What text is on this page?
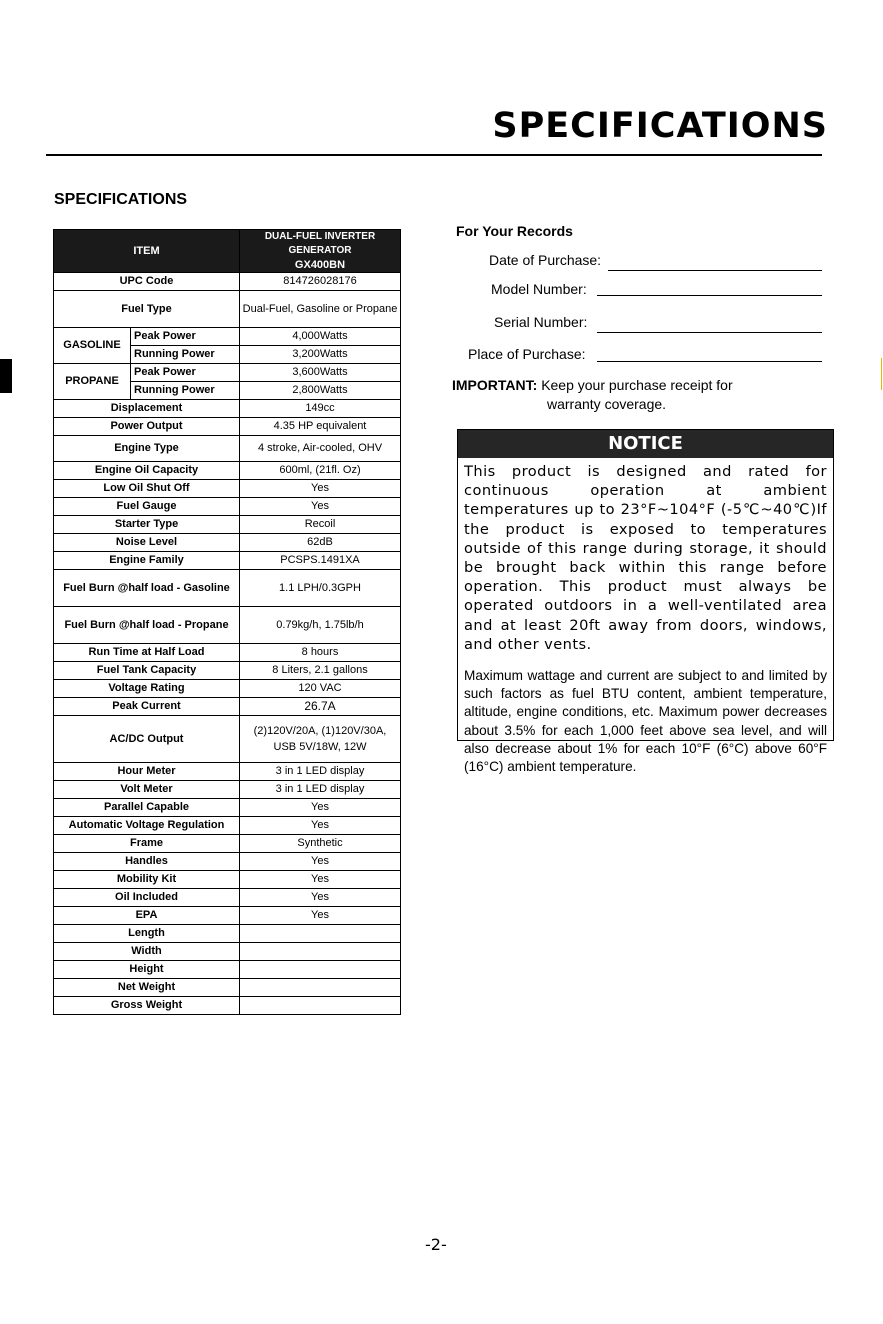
SPECIFICATIONS
SPECIFICATIONS
ITEM		DUAL-FUEL INVERTER GENERATOR
GX400BN

UPC Code		814726028176
Fuel Type		Dual-Fuel, Gasoline or Propane
GASOLINE	Peak Power	4,000Watts
	Running Power	3,200Watts
PROPANE	Peak Power	3,600Watts
	Running Power	2,800Watts
Displacement		149cc
Power Output		4.35 HP equivalent
Engine Type		4 stroke, Air-cooled, OHV
Engine Oil Capacity		600ml, (21fl. Oz)
Low Oil Shut Off		Yes
Fuel Gauge		Yes
Starter Type		Recoil
Noise Level		62dB
Engine Family		PCSPS.1491XA
Fuel Burn @half load - Gasoline		1.1 LPH/0.3GPH
Fuel Burn @half load - Propane		0.79kg/h, 1.75lb/h
Run Time at Half Load		8 hours
Fuel Tank Capacity		8 Liters, 2.1 gallons
Voltage Rating		120 VAC
Peak Current		26.7A
AC/DC Output		(2)120V/20A, (1)120V/30A, USB 5V/18W, 12W
Hour Meter		3 in 1 LED display
Volt Meter		3 in 1 LED display
Parallel Capable		Yes
Automatic Voltage Regulation		Yes
Frame		Synthetic
Handles		Yes
Mobility Kit		Yes
Oil Included		Yes
EPA		Yes
Length		
Width		
Height		
Net Weight		
Gross Weight		
For Your Records
Date of Purchase:
Model Number:
Serial Number:
Place of Purchase:
IMPORTANT: Keep your purchase receipt for
warranty coverage.
NOTICE

This product is designed and rated for continuous operation at ambient temperatures up to 23°F~104°F (-5℃~40℃)If the product is exposed to temperatures outside of this range during storage, it should be brought back within this range before operation. This product must always be operated outdoors in a well-ventilated area and at least 20ft away from doors, windows, and other vents.

Maximum wattage and current are subject to and limited by such factors as fuel BTU content, ambient temperature, altitude, engine conditions, etc. Maximum power decreases about 3.5% for each 1,000 feet above sea level, and will also decrease about 1% for each 10°F (6°C) above 60°F (16°C) ambient temperature.

-2-
